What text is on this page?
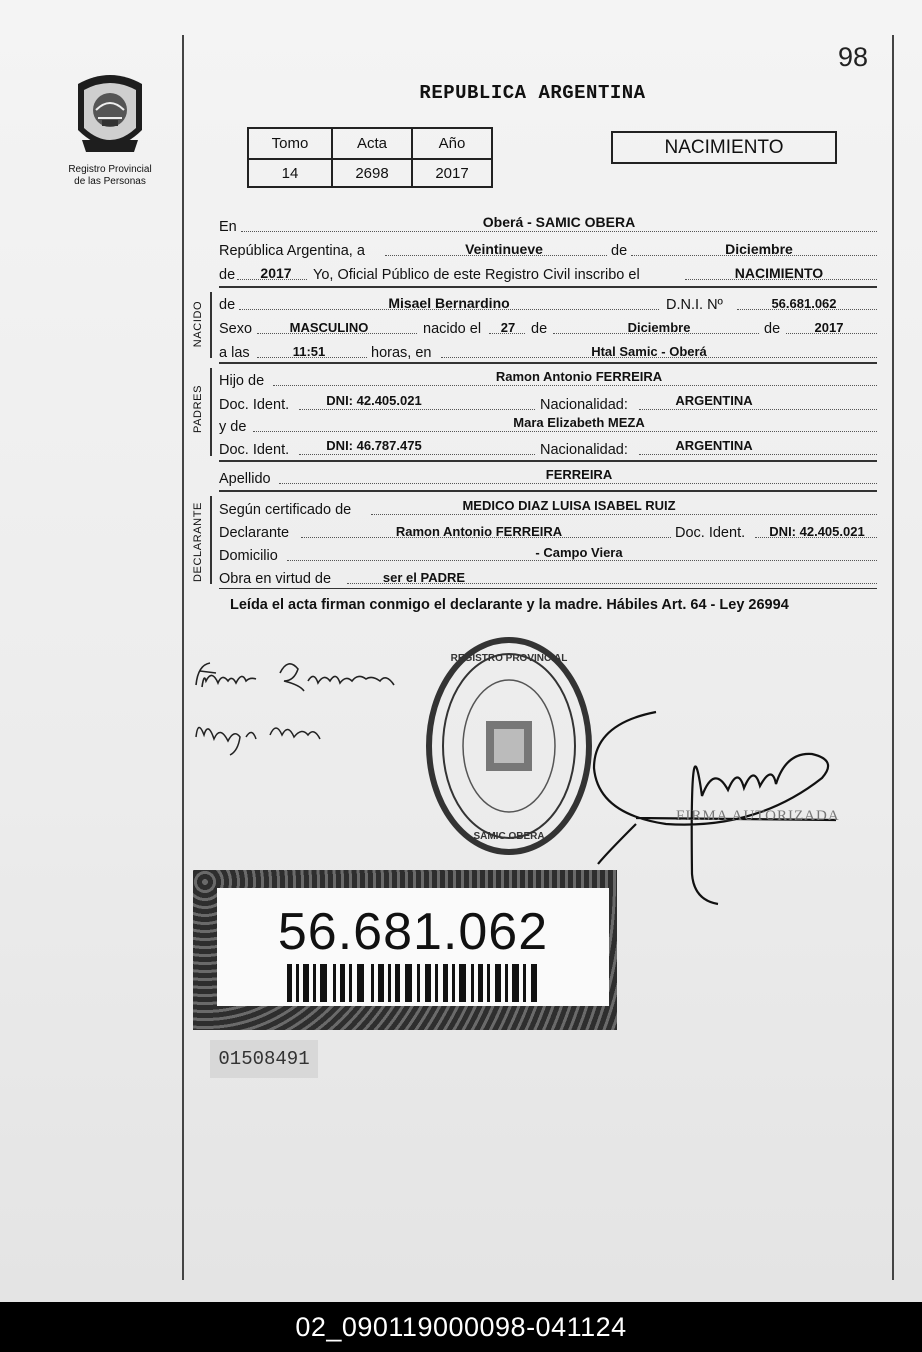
98
Registro Provincial
de las Personas
REPUBLICA ARGENTINA
Tomo	Acta	Año
14	2698	2017
NACIMIENTO
En	Oberá - SAMIC OBERA
República Argentina, a	Veintinueve	de	Diciembre
de	2017	Yo, Oficial Público de este Registro Civil inscribo el	NACIMIENTO
NACIDO de	Misael Bernardino	D.N.I. Nº	56.681.062
Sexo	MASCULINO	nacido el	27	de	Diciembre	de	2017
a las	11:51	horas, en	Htal Samic - Oberá
PADRES
Hijo de	Ramon Antonio FERREIRA
Doc. Ident.	DNI: 42.405.021	Nacionalidad:	ARGENTINA
y de	Mara Elizabeth MEZA
Doc. Ident.	DNI: 46.787.475	Nacionalidad:	ARGENTINA
Apellido	FERREIRA
DECLARANTE Según certificado de	MEDICO DIAZ LUISA ISABEL RUIZ
Declarante	Ramon Antonio FERREIRA	Doc. Ident.	DNI: 42.405.021
Domicilio	- Campo Viera
Obra en virtud de	ser el PADRE
Leída el acta firman conmigo el declarante y la madre. Hábiles Art. 64 - Ley 26994
REGISTRO PROVINCIAL
SAMIC OBERA
FIRMA AUTORIZADA
56.681.062
01508491
02_090119000098-041124
